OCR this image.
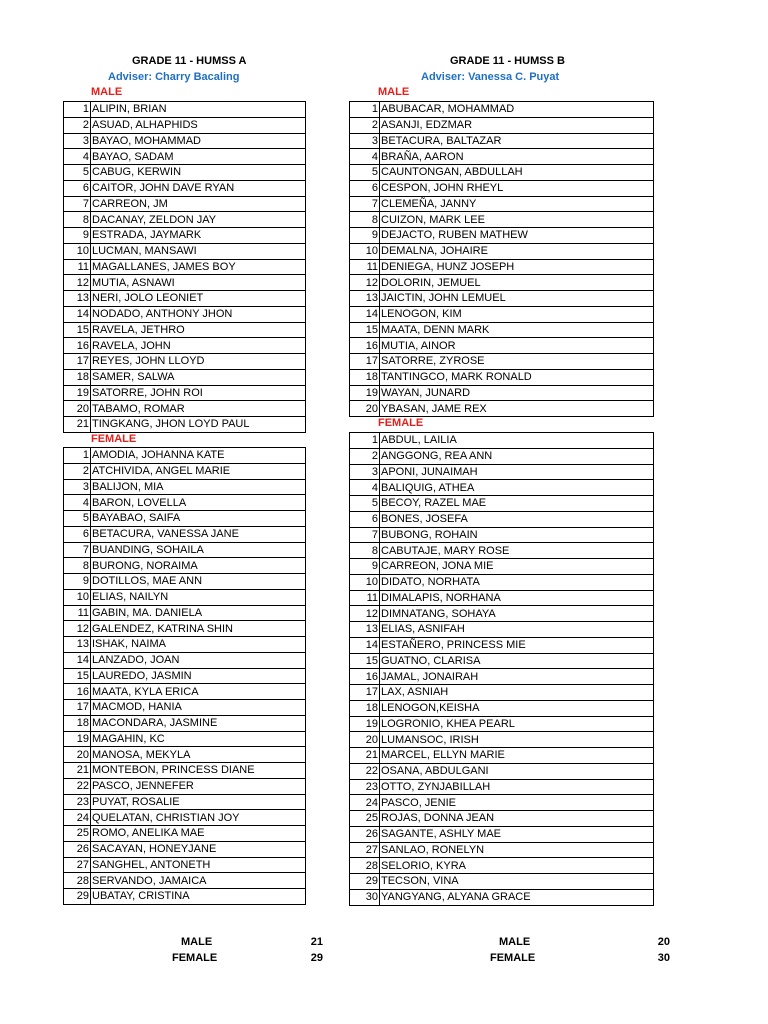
GRADE 11 - HUMSS A
Adviser: Charry Bacaling
MALE
1	ALIPIN, BRIAN
2	ASUAD, ALHAPHIDS
3	BAYAO, MOHAMMAD
4	BAYAO, SADAM
5	CABUG, KERWIN
6	CAITOR, JOHN DAVE RYAN
7	CARREON, JM
8	DACANAY, ZELDON JAY
9	ESTRADA, JAYMARK
10	LUCMAN, MANSAWI
11	MAGALLANES, JAMES BOY
12	MUTIA, ASNAWI
13	NERI, JOLO LEONIET
14	NODADO, ANTHONY JHON
15	RAVELA, JETHRO
16	RAVELA, JOHN
17	REYES, JOHN LLOYD
18	SAMER, SALWA
19	SATORRE, JOHN ROI
20	TABAMO, ROMAR
21	TINGKANG, JHON LOYD PAUL
FEMALE
1	AMODIA, JOHANNA KATE
2	ATCHIVIDA, ANGEL MARIE
3	BALIJON, MIA
4	BARON, LOVELLA
5	BAYABAO, SAIFA
6	BETACURA, VANESSA JANE
7	BUANDING, SOHAILA
8	BURONG, NORAIMA
9	DOTILLOS, MAE ANN
10	ELIAS, NAILYN
11	GABIN, MA. DANIELA
12	GALENDEZ, KATRINA SHIN
13	ISHAK, NAIMA
14	LANZADO, JOAN
15	LAUREDO, JASMIN
16	MAATA, KYLA ERICA
17	MACMOD, HANIA
18	MACONDARA, JASMINE
19	MAGAHIN, KC
20	MANOSA, MEKYLA
21	MONTEBON, PRINCESS DIANE
22	PASCO, JENNEFER
23	PUYAT, ROSALIE
24	QUELATAN, CHRISTIAN JOY
25	ROMO, ANELIKA MAE
26	SACAYAN, HONEYJANE
27	SANGHEL, ANTONETH
28	SERVANDO, JAMAICA
29	UBATAY, CRISTINA
GRADE 11 - HUMSS B
Adviser: Vanessa C. Puyat
MALE
1	ABUBACAR, MOHAMMAD
2	ASANJI, EDZMAR
3	BETACURA, BALTAZAR
4	BRAÑA, AARON
5	CAUNTONGAN, ABDULLAH
6	CESPON, JOHN RHEYL
7	CLEMEÑA, JANNY
8	CUIZON, MARK LEE
9	DEJACTO, RUBEN MATHEW
10	DEMALNA, JOHAIRE
11	DENIEGA, HUNZ JOSEPH
12	DOLORIN, JEMUEL
13	JAICTIN, JOHN LEMUEL
14	LENOGON, KIM
15	MAATA, DENN MARK
16	MUTIA, AINOR
17	SATORRE, ZYROSE
18	TANTINGCO, MARK RONALD
19	WAYAN, JUNARD
20	YBASAN, JAME REX
FEMALE
1	ABDUL, LAILIA
2	ANGGONG, REA ANN
3	APONI, JUNAIMAH
4	BALIQUIG, ATHEA
5	BECOY, RAZEL MAE
6	BONES, JOSEFA
7	BUBONG, ROHAIN
8	CABUTAJE, MARY ROSE
9	CARREON, JONA MIE
10	DIDATO, NORHATA
11	DIMALAPIS, NORHANA
12	DIMNATANG, SOHAYA
13	ELIAS, ASNIFAH
14	ESTAÑERO, PRINCESS MIE
15	GUATNO, CLARISA
16	JAMAL, JONAIRAH
17	LAX, ASNIAH
18	LENOGON,KEISHA
19	LOGRONIO, KHEA PEARL
20	LUMANSOC, IRISH
21	MARCEL, ELLYN MARIE
22	OSANA, ABDULGANI
23	OTTO, ZYNJABILLAH
24	PASCO, JENIE
25	ROJAS, DONNA JEAN
26	SAGANTE, ASHLY MAE
27	SANLAO, RONELYN
28	SELORIO, KYRA
29	TECSON, VINA
30	YANGYANG, ALYANA GRACE
MALE	21
FEMALE	29
MALE	20
FEMALE	30
